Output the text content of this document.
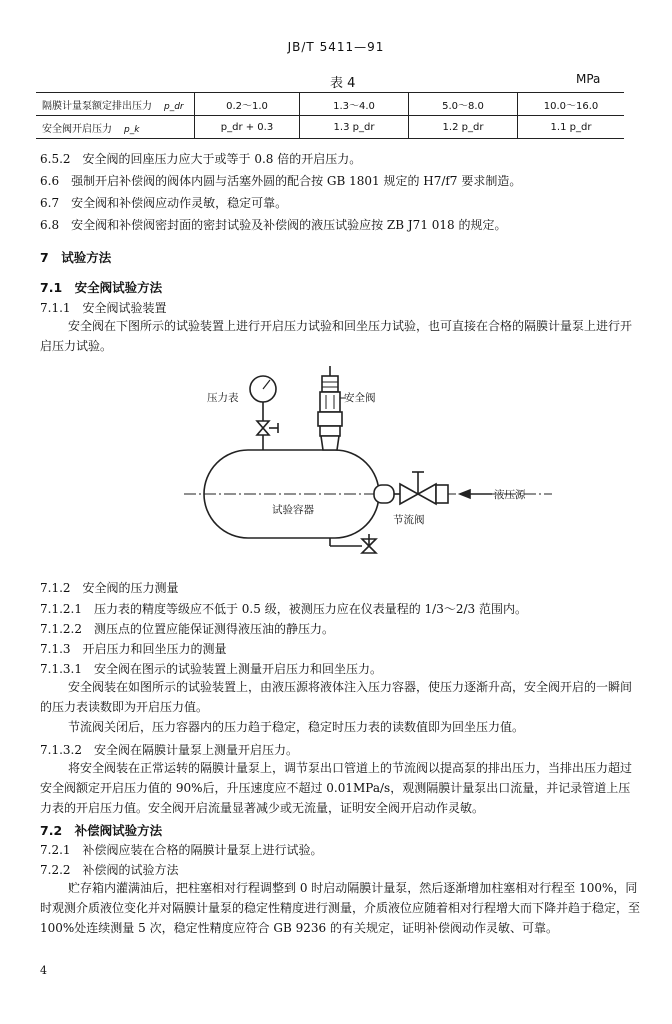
JB/T 5411—91
表 4	MPa
隔膜计量泵额定排出压力 p_dr	0.2～1.0	1.3～4.0	5.0～8.0	10.0～16.0
安全阀开启压力 p_k	p_dr + 0.3	1.3 p_dr	1.2 p_dr	1.1 p_dr
6.5.2　安全阀的回座压力应大于或等于 0.8 倍的开启压力。
6.6　强制开启补偿阀的阀体内圆与活塞外圆的配合按 GB 1801 规定的 H7/f7 要求制造。
6.7　安全阀和补偿阀应动作灵敏，稳定可靠。
6.8　安全阀和补偿阀密封面的密封试验及补偿阀的液压试验应按 ZB J71 018 的规定。
7　试验方法
7.1　安全阀试验方法
7.1.1　安全阀试验装置
安全阀在下图所示的试验装置上进行开启压力试验和回坐压力试验，也可直接在合格的隔膜计量泵上进行开启压力试验。
压力表	安全阀
试验容器
节流阀
液压源
7.1.2　安全阀的压力测量
7.1.2.1　压力表的精度等级应不低于 0.5 级，被测压力应在仪表量程的 1/3～2/3 范围内。
7.1.2.2　测压点的位置应能保证测得液压油的静压力。
7.1.3　开启压力和回坐压力的测量
7.1.3.1　安全阀在图示的试验装置上测量开启压力和回坐压力。
安全阀装在如图所示的试验装置上，由液压源将液体注入压力容器，使压力逐渐升高，安全阀开启的一瞬间的压力表读数即为开启压力值。
节流阀关闭后，压力容器内的压力趋于稳定，稳定时压力表的读数值即为回坐压力值。
7.1.3.2　安全阀在隔膜计量泵上测量开启压力。
将安全阀装在正常运转的隔膜计量泵上，调节泵出口管道上的节流阀以提高泵的排出压力，当排出压力超过安全阀额定开启压力值的 90%后，升压速度应不超过 0.01MPa/s，观测隔膜计量泵出口流量，并记录管道上压力表的开启压力值。安全阀开启流量显著减少或无流量，证明安全阀开启动作灵敏。
7.2　补偿阀试验方法
7.2.1　补偿阀应装在合格的隔膜计量泵上进行试验。
7.2.2　补偿阀的试验方法
贮存箱内灌满油后，把柱塞相对行程调整到 0 时启动隔膜计量泵，然后逐渐增加柱塞相对行程至 100%，同时观测介质液位变化并对隔膜计量泵的稳定性精度进行测量，介质液位应随着相对行程增大而下降并趋于稳定，至 100%处连续测量 5 次，稳定性精度应符合 GB 9236 的有关规定，证明补偿阀动作灵敏、可靠。
4
